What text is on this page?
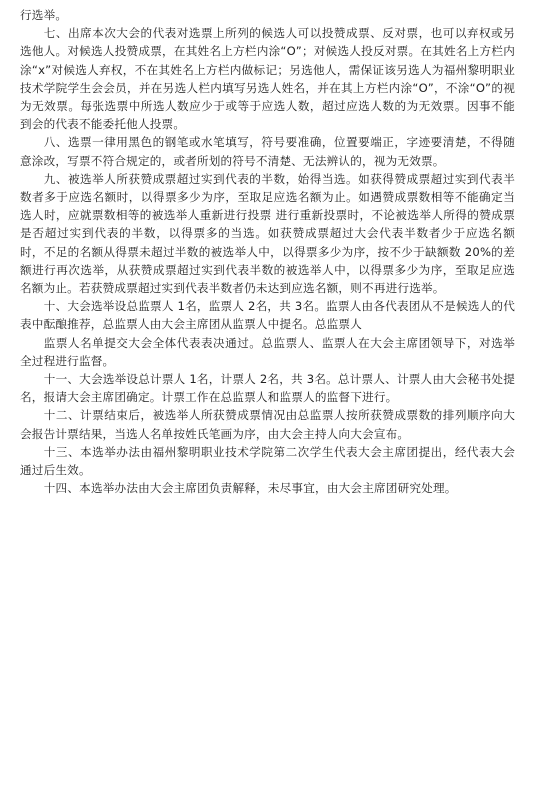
行选举。

七、出席本次大会的代表对选票上所列的候选人可以投赞成票、反对票，也可以弃权或另选他人。对候选人投赞成票，在其姓名上方栏内涂“O”；对候选人投反对票。在其姓名上方栏内涂“x”对候选人弃权，不在其姓名上方栏内做标记；另选他人，需保证该另选人为福州黎明职业技术学院学生会会员，并在另选人栏内填写另选人姓名，并在其上方栏内涂“O”，不涂“O”的视为无效票。每张选票中所选人数应少于或等于应选人数，超过应选人数的为无效票。因事不能到会的代表不能委托他人投票。

八、选票一律用黑色的钢笔或水笔填写，符号要准确，位置要端正，字迹要清楚，不得随意涂改，写票不符合规定的，或者所划的符号不清楚、无法辨认的，视为无效票。

九、被选举人所获赞成票超过实到代表的半数，始得当选。如获得赞成票超过实到代表半数者多于应选名额时，以得票多少为序，至取足应选名额为止。如遇赞成票数相等不能确定当选人时，应就票数相等的被选举人重新进行投票 进行重新投票时，不论被选举人所得的赞成票是否超过实到代表的半数，以得票多的当选。如获赞成票超过大会代表半数者少于应选名额时，不足的名额从得票未超过半数的被选举人中，以得票多少为序，按不少于缺额数 20%的差额进行再次选举，从获赞成票超过实到代表半数的被选举人中，以得票多少为序，至取足应选名额为止。若获赞成票超过实到代表半数者仍未达到应选名额，则不再进行选举。

十、大会选举设总监票人 1名，监票人 2名，共 3名。监票人由各代表团从不是候选人的代表中酝酿推荐，总监票人由大会主席团从监票人中提名。总监票人

监票人名单提交大会全体代表表决通过。总监票人、监票人在大会主席团领导下，对选举全过程进行监督。

十一、大会选举设总计票人 1名，计票人 2名，共 3名。总计票人、计票人由大会秘书处提名，报请大会主席团确定。计票工作在总监票人和监票人的监督下进行。

十二、计票结束后，被选举人所获赞成票情况由总监票人按所获赞成票数的排列顺序向大会报告计票结果，当选人名单按姓氏笔画为序，由大会主持人向大会宣布。

十三、本选举办法由福州黎明职业技术学院第二次学生代表大会主席团提出，经代表大会通过后生效。

十四、本选举办法由大会主席团负责解释，未尽事宜，由大会主席团研究处理。
